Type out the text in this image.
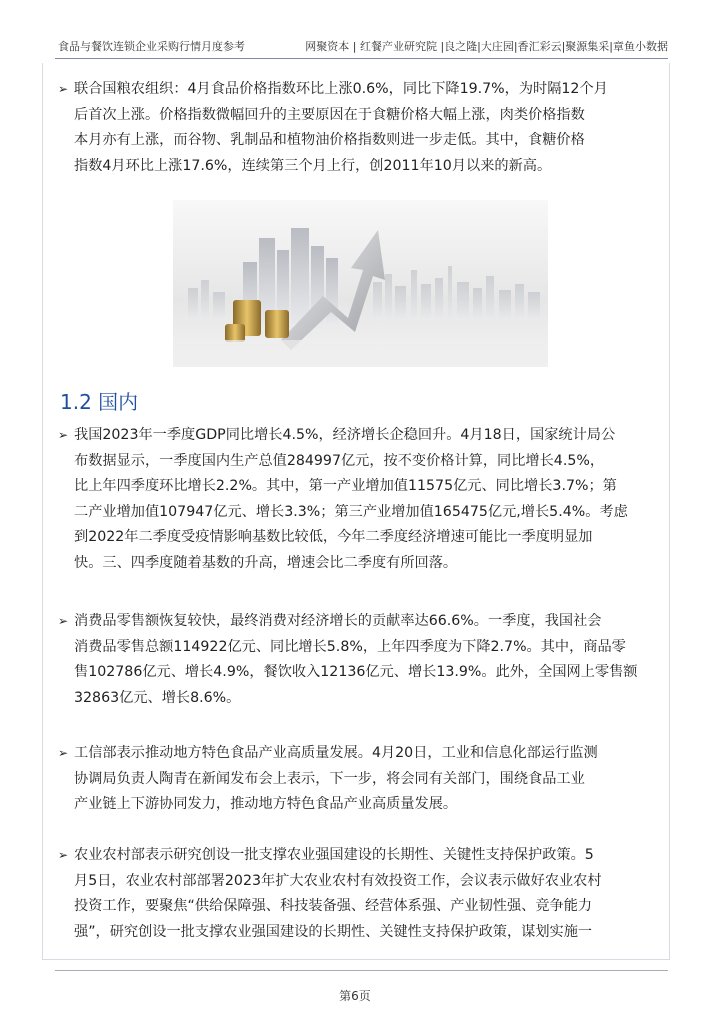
食品与餐饮连锁企业采购行情月度参考	网聚资本 | 红餐产业研究院 |良之隆|大庄园|香汇彩云|聚源集采|章鱼小数据
➢ 联合国粮农组织：4月食品价格指数环比上涨0.6%，同比下降19.7%，为时隔12个月
后首次上涨。价格指数微幅回升的主要原因在于食糖价格大幅上涨，肉类价格指数
本月亦有上涨，而谷物、乳制品和植物油价格指数则进一步走低。其中，食糖价格
指数4月环比上涨17.6%，连续第三个月上行，创2011年10月以来的新高。
1.2 国内
➢ 我国2023年一季度GDP同比增长4.5%，经济增长企稳回升。4月18日，国家统计局公
布数据显示，一季度国内生产总值284997亿元，按不变价格计算，同比增长4.5%，
比上年四季度环比增长2.2%。其中，第一产业增加值11575亿元、同比增长3.7%；第
二产业增加值107947亿元、增长3.3%；第三产业增加值165475亿元,增长5.4%。考虑
到2022年二季度受疫情影响基数比较低，今年二季度经济增速可能比一季度明显加
快。三、四季度随着基数的升高，增速会比二季度有所回落。
➢ 消费品零售额恢复较快，最终消费对经济增长的贡献率达66.6%。一季度，我国社会
消费品零售总额114922亿元、同比增长5.8%，上年四季度为下降2.7%。其中，商品零
售102786亿元、增长4.9%，餐饮收入12136亿元、增长13.9%。此外，全国网上零售额
32863亿元、增长8.6%。
➢ 工信部表示推动地方特色食品产业高质量发展。4月20日，工业和信息化部运行监测
协调局负责人陶青在新闻发布会上表示，下一步，将会同有关部门，围绕食品工业
产业链上下游协同发力，推动地方特色食品产业高质量发展。
➢ 农业农村部表示研究创设一批支撑农业强国建设的长期性、关键性支持保护政策。5
月5日，农业农村部部署2023年扩大农业农村有效投资工作，会议表示做好农业农村
投资工作，要聚焦“供给保障强、科技装备强、经营体系强、产业韧性强、竞争能力
强”，研究创设一批支撑农业强国建设的长期性、关键性支持保护政策，谋划实施一
第6页
